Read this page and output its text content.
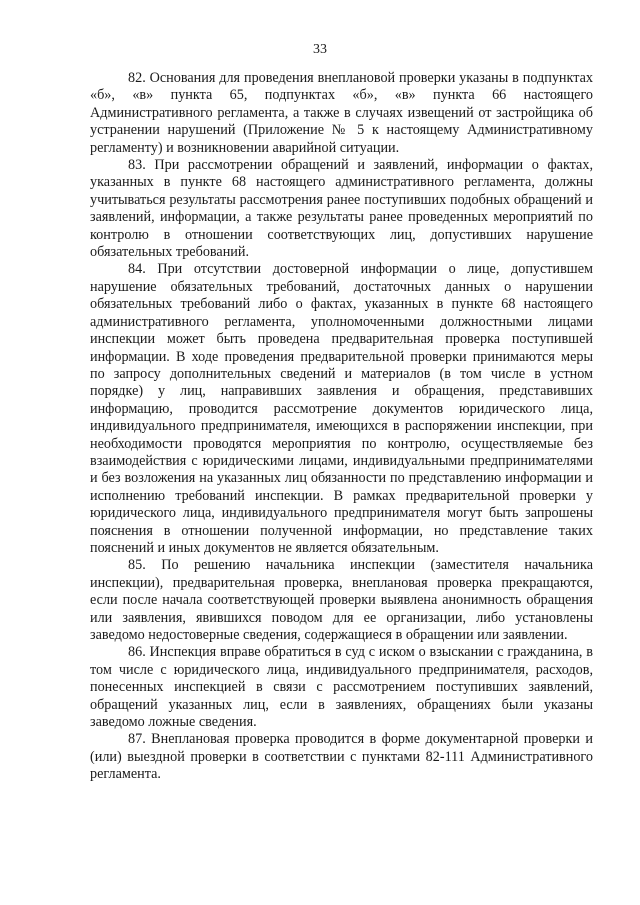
33

82. Основания для проведения внеплановой проверки указаны в подпунктах «б», «в» пункта 65, подпунктах «б», «в» пункта 66 настоящего Административного регламента, а также в случаях извещений от застройщика об устранении нарушений (Приложение № 5 к настоящему Административному регламенту) и возникновении аварийной ситуации.

83. При рассмотрении обращений и заявлений, информации о фактах, указанных в пункте 68 настоящего административного регламента, должны учитываться результаты рассмотрения ранее поступивших подобных обращений и заявлений, информации, а также результаты ранее проведенных мероприятий по контролю в отношении соответствующих лиц, допустивших нарушение обязательных требований.

84. При отсутствии достоверной информации о лице, допустившем нарушение обязательных требований, достаточных данных о нарушении обязательных требований либо о фактах, указанных в пункте 68 настоящего административного регламента, уполномоченными должностными лицами инспекции может быть проведена предварительная проверка поступившей информации. В ходе проведения предварительной проверки принимаются меры по запросу дополнительных сведений и материалов (в том числе в устном порядке) у лиц, направивших заявления и обращения, представивших информацию, проводится рассмотрение документов юридического лица, индивидуального предпринимателя, имеющихся в распоряжении инспекции, при необходимости проводятся мероприятия по контролю, осуществляемые без взаимодействия с юридическими лицами, индивидуальными предпринимателями и без возложения на указанных лиц обязанности по представлению информации и исполнению требований инспекции. В рамках предварительной проверки у юридического лица, индивидуального предпринимателя могут быть запрошены пояснения в отношении полученной информации, но представление таких пояснений и иных документов не является обязательным.

85. По решению начальника инспекции (заместителя начальника инспекции), предварительная проверка, внеплановая проверка прекращаются, если после начала соответствующей проверки выявлена анонимность обращения или заявления, явившихся поводом для ее организации, либо установлены заведомо недостоверные сведения, содержащиеся в обращении или заявлении.

86. Инспекция вправе обратиться в суд с иском о взыскании с гражданина, в том числе с юридического лица, индивидуального предпринимателя, расходов, понесенных инспекцией в связи с рассмотрением поступивших заявлений, обращений указанных лиц, если в заявлениях, обращениях были указаны заведомо ложные сведения.

87. Внеплановая проверка проводится в форме документарной проверки и (или) выездной проверки в соответствии с пунктами 82-111 Административного регламента.
